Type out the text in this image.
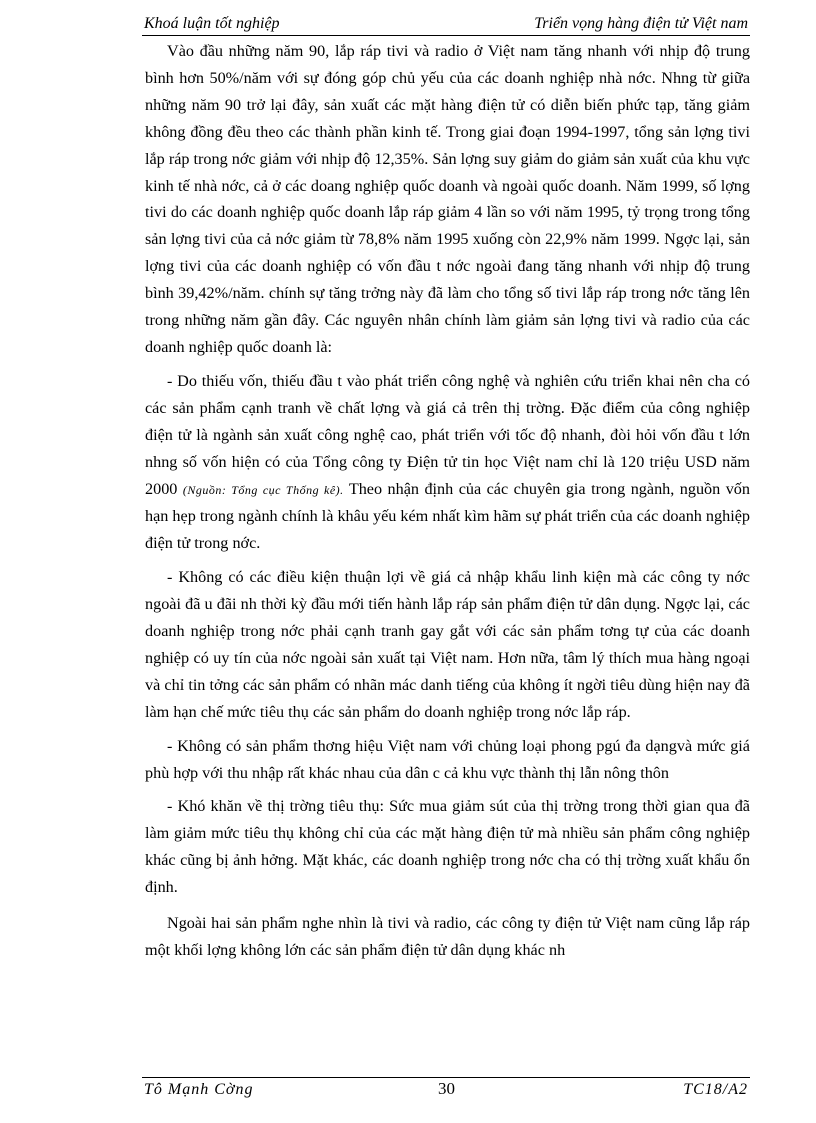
Khoá luận tốt nghiệp	Triển vọng hàng điện tử Việt nam

Vào đầu những năm 90, lắp ráp tivi và radio ở Việt nam tăng nhanh với nhịp độ trung bình hơn 50%/năm với sự đóng góp chủ yếu của các doanh nghiệp nhà nớc. Nhng từ giữa những năm 90 trở lại đây, sản xuất các mặt hàng điện tử có diễn biến phức tạp, tăng giảm không đồng đều theo các thành phần kinh tế. Trong giai đoạn 1994-1997, tổng sản lợng tivi lắp ráp trong nớc giảm với nhịp độ 12,35%. Sản lợng suy giảm do giảm sản xuất của khu vực kinh tế nhà nớc, cả ở các doang nghiệp quốc doanh và ngoài quốc doanh. Năm 1999, số lợng tivi do các doanh nghiệp quốc doanh lắp ráp giảm 4 lần so với năm 1995, tỷ trọng trong tổng sản lợng tivi của cả nớc giảm từ 78,8% năm 1995 xuống còn 22,9% năm 1999. Ngợc lại, sản lợng tivi của các doanh nghiệp có vốn đầu t nớc ngoài đang tăng nhanh với nhịp độ trung bình 39,42%/năm. chính sự tăng trởng này đã làm cho tổng số tivi lắp ráp trong nớc tăng lên trong những năm gần đây. Các nguyên nhân chính làm giảm sản lợng tivi và radio của các doanh nghiệp quốc doanh là:

- Do thiếu vốn, thiếu đầu t vào phát triển công nghệ và nghiên cứu triển khai nên cha có các sản phẩm cạnh tranh về chất lợng và giá cả trên thị trờng. Đặc điểm của công nghiệp điện tử là ngành sản xuất công nghệ cao, phát triển với tốc độ nhanh, đòi hỏi vốn đầu t lớn nhng số vốn hiện có của Tổng công ty Điện tử tin học Việt nam chỉ là 120 triệu USD năm 2000 (Nguồn: Tổng cục Thống kê). Theo nhận định của các chuyên gia trong ngành, nguồn vốn hạn hẹp trong ngành chính là khâu yếu kém nhất kìm hãm sự phát triển của các doanh nghiệp điện tử trong nớc.

- Không có các điều kiện thuận lợi về giá cả nhập khẩu linh kiện mà các công ty nớc ngoài đã u đãi nh thời kỳ đầu mới tiến hành lắp ráp sản phẩm điện tử dân dụng. Ngợc lại, các doanh nghiệp trong nớc phải cạnh tranh gay gắt với các sản phẩm tơng tự của các doanh nghiệp có uy tín của nớc ngoài sản xuất tại Việt nam. Hơn nữa, tâm lý thích mua hàng ngoại và chỉ tin tởng các sản phẩm có nhãn mác danh tiếng của không ít ngời tiêu dùng hiện nay đã làm hạn chế mức tiêu thụ các sản phẩm do doanh nghiệp trong nớc lắp ráp.

- Không có sản phẩm thơng hiệu Việt nam với chủng loại phong pgú đa dạngvà mức giá phù hợp với thu nhập rất khác nhau của dân c cả khu vực thành thị lẫn nông thôn

- Khó khăn về thị trờng tiêu thụ: Sức mua giảm sút của thị trờng trong thời gian qua đã làm giảm mức tiêu thụ không chỉ của các mặt hàng điện tử mà nhiều sản phẩm công nghiệp khác cũng bị ảnh hởng. Mặt khác, các doanh nghiệp trong nớc cha có thị trờng xuất khẩu ổn định.

Ngoài hai sản phẩm nghe nhìn là tivi và radio, các công ty điện tử Việt nam cũng lắp ráp một khối lợng không lớn các sản phẩm điện tử dân dụng khác nh

Tô Mạnh Cờng	30	TC18/A2
